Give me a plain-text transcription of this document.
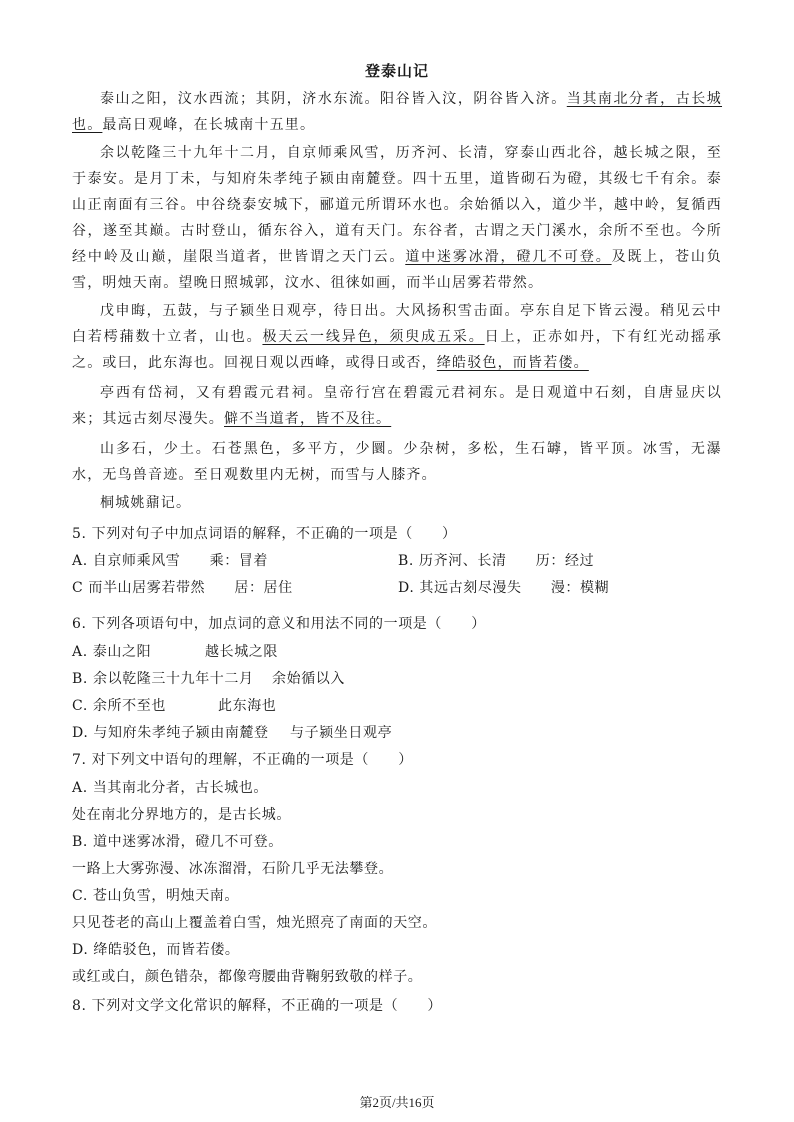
登泰山记
泰山之阳，汶水西流；其阴，济水东流。阳谷皆入汶，阴谷皆入济。当其南北分者，古长城也。最高日观峰，在长城南十五里。
余以乾隆三十九年十二月，自京师乘风雪，历齐河、长清，穿泰山西北谷，越长城之限，至于泰安。是月丁未，与知府朱孝纯子颍由南麓登。四十五里，道皆砌石为磴，其级七千有余。泰山正南面有三谷。中谷绕泰安城下，郦道元所谓环水也。余始循以入，道少半，越中岭，复循西谷，遂至其巅。古时登山，循东谷入，道有天门。东谷者，古谓之天门溪水，余所不至也。今所经中岭及山巅，崖限当道者，世皆谓之天门云。道中迷雾冰滑，磴几不可登。及既上，苍山负雪，明烛天南。望晚日照城郭，汶水、徂徕如画，而半山居雾若带然。
戊申晦，五鼓，与子颍坐日观亭，待日出。大风扬积雪击面。亭东自足下皆云漫。稍见云中白若樗蒱数十立者，山也。极天云一线异色，须臾成五采。日上，正赤如丹，下有红光动摇承之。或曰，此东海也。回视日观以西峰，或得日或否，绛皓驳色，而皆若偻。
亭西有岱祠，又有碧霞元君祠。皇帝行宫在碧霞元君祠东。是日观道中石刻，自唐显庆以来；其远古刻尽漫失。僻不当道者，皆不及往。
山多石，少土。石苍黑色，多平方，少圜。少杂树，多松，生石罅，皆平顶。冰雪，无瀑水，无鸟兽音迹。至日观数里内无树，而雪与人膝齐。
桐城姚鼐记。
5. 下列对句子中加点词语的解释，不正确的一项是（　　）
A. 自京师乘风雪　　乘：冒着	B. 历齐河、长清　　历：经过
C 而半山居雾若带然　　居：居住	D. 其远古刻尽漫失　　漫：模糊
6. 下列各项语句中，加点词的意义和用法不同的一项是（　　）
A. 泰山之阳	越长城之限
B. 余以乾隆三十九年十二月 余始循以入
C. 余所不至也	此东海也
D. 与知府朱孝纯子颍由南麓登 与子颍坐日观亭
7. 对下列文中语句的理解，不正确的一项是（　　）
A. 当其南北分者，古长城也。
处在南北分界地方的，是古长城。
B. 道中迷雾冰滑，磴几不可登。
一路上大雾弥漫、冰冻溜滑，石阶几乎无法攀登。
C. 苍山负雪，明烛天南。
只见苍老的高山上覆盖着白雪，烛光照亮了南面的天空。
D. 绛皓驳色，而皆若偻。
或红或白，颜色错杂，都像弯腰曲背鞠躬致敬的样子。
8. 下列对文学文化常识的解释，不正确的一项是（　　）
第2页/共16页
